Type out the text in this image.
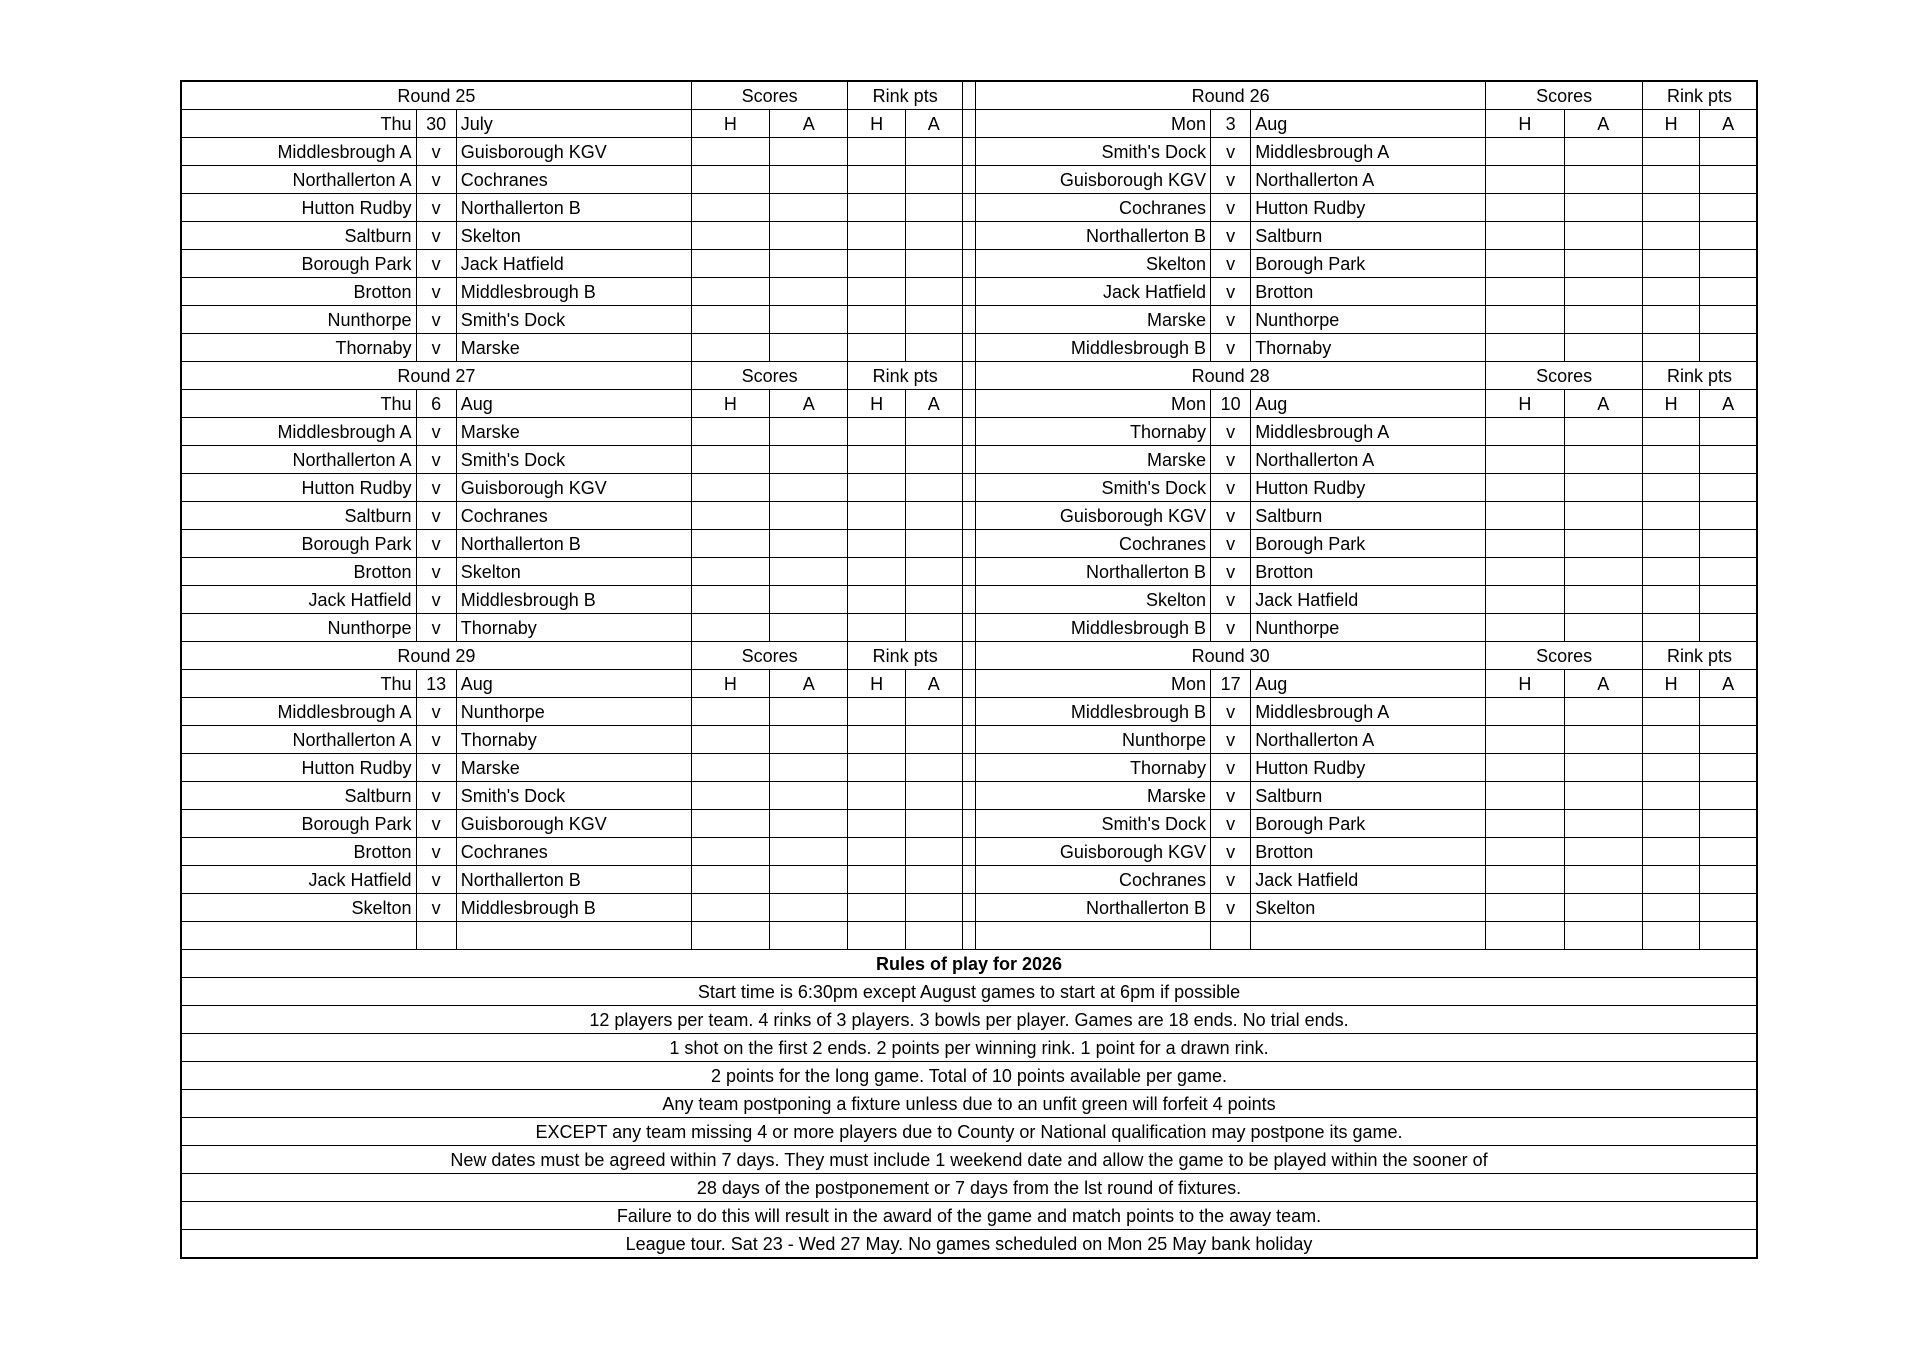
Round 25			Scores		Rink pts			Round 26			Scores		Rink pts	
Thu	30	July	H	A	H	A		Mon	3	Aug	H	A	H	A
Middlesbrough A	v	Guisborough KGV						Smith's Dock	v	Middlesbrough A				
Northallerton A	v	Cochranes						Guisborough KGV	v	Northallerton A				
Hutton Rudby	v	Northallerton B						Cochranes	v	Hutton Rudby				
Saltburn	v	Skelton						Northallerton B	v	Saltburn				
Borough Park	v	Jack Hatfield						Skelton	v	Borough Park				
Brotton	v	Middlesbrough B						Jack Hatfield	v	Brotton				
Nunthorpe	v	Smith's Dock						Marske	v	Nunthorpe				
Thornaby	v	Marske						Middlesbrough B	v	Thornaby				
Round 27			Scores		Rink pts			Round 28			Scores		Rink pts	
Thu	6	Aug	H	A	H	A		Mon	10	Aug	H	A	H	A
Middlesbrough A	v	Marske						Thornaby	v	Middlesbrough A				
Northallerton A	v	Smith's Dock						Marske	v	Northallerton A				
Hutton Rudby	v	Guisborough KGV						Smith's Dock	v	Hutton Rudby				
Saltburn	v	Cochranes						Guisborough KGV	v	Saltburn				
Borough Park	v	Northallerton B						Cochranes	v	Borough Park				
Brotton	v	Skelton						Northallerton B	v	Brotton				
Jack Hatfield	v	Middlesbrough B						Skelton	v	Jack Hatfield				
Nunthorpe	v	Thornaby						Middlesbrough B	v	Nunthorpe				
Round 29			Scores		Rink pts			Round 30			Scores		Rink pts	
Thu	13	Aug	H	A	H	A		Mon	17	Aug	H	A	H	A
Middlesbrough A	v	Nunthorpe						Middlesbrough B	v	Middlesbrough A				
Northallerton A	v	Thornaby						Nunthorpe	v	Northallerton A				
Hutton Rudby	v	Marske						Thornaby	v	Hutton Rudby				
Saltburn	v	Smith's Dock						Marske	v	Saltburn				
Borough Park	v	Guisborough KGV						Smith's Dock	v	Borough Park				
Brotton	v	Cochranes						Guisborough KGV	v	Brotton				
Jack Hatfield	v	Northallerton B						Cochranes	v	Jack Hatfield				
Skelton	v	Middlesbrough B						Northallerton B	v	Skelton				

Rules of play for 2026														
Start time is 6:30pm except August games to start at 6pm if possible														
12 players per team. 4 rinks of 3 players. 3 bowls per player. Games are 18 ends. No trial ends.														
1 shot on the first 2 ends. 2 points per winning rink. 1 point for a drawn rink.														
2 points for the long game. Total of 10 points available per game.														
Any team postponing a fixture unless due to an unfit green will forfeit 4 points														
EXCEPT any team missing 4 or more players due to County or National qualification may postpone its game.														
New dates must be agreed within 7 days. They must include 1 weekend date and allow the game to be played within the sooner of														
28 days of the postponement or 7 days from the lst round of fixtures.														
Failure to do this will result in the award of the game and match points to the away team.														
League tour. Sat 23 - Wed 27 May. No games scheduled on Mon 25 May bank holiday														
